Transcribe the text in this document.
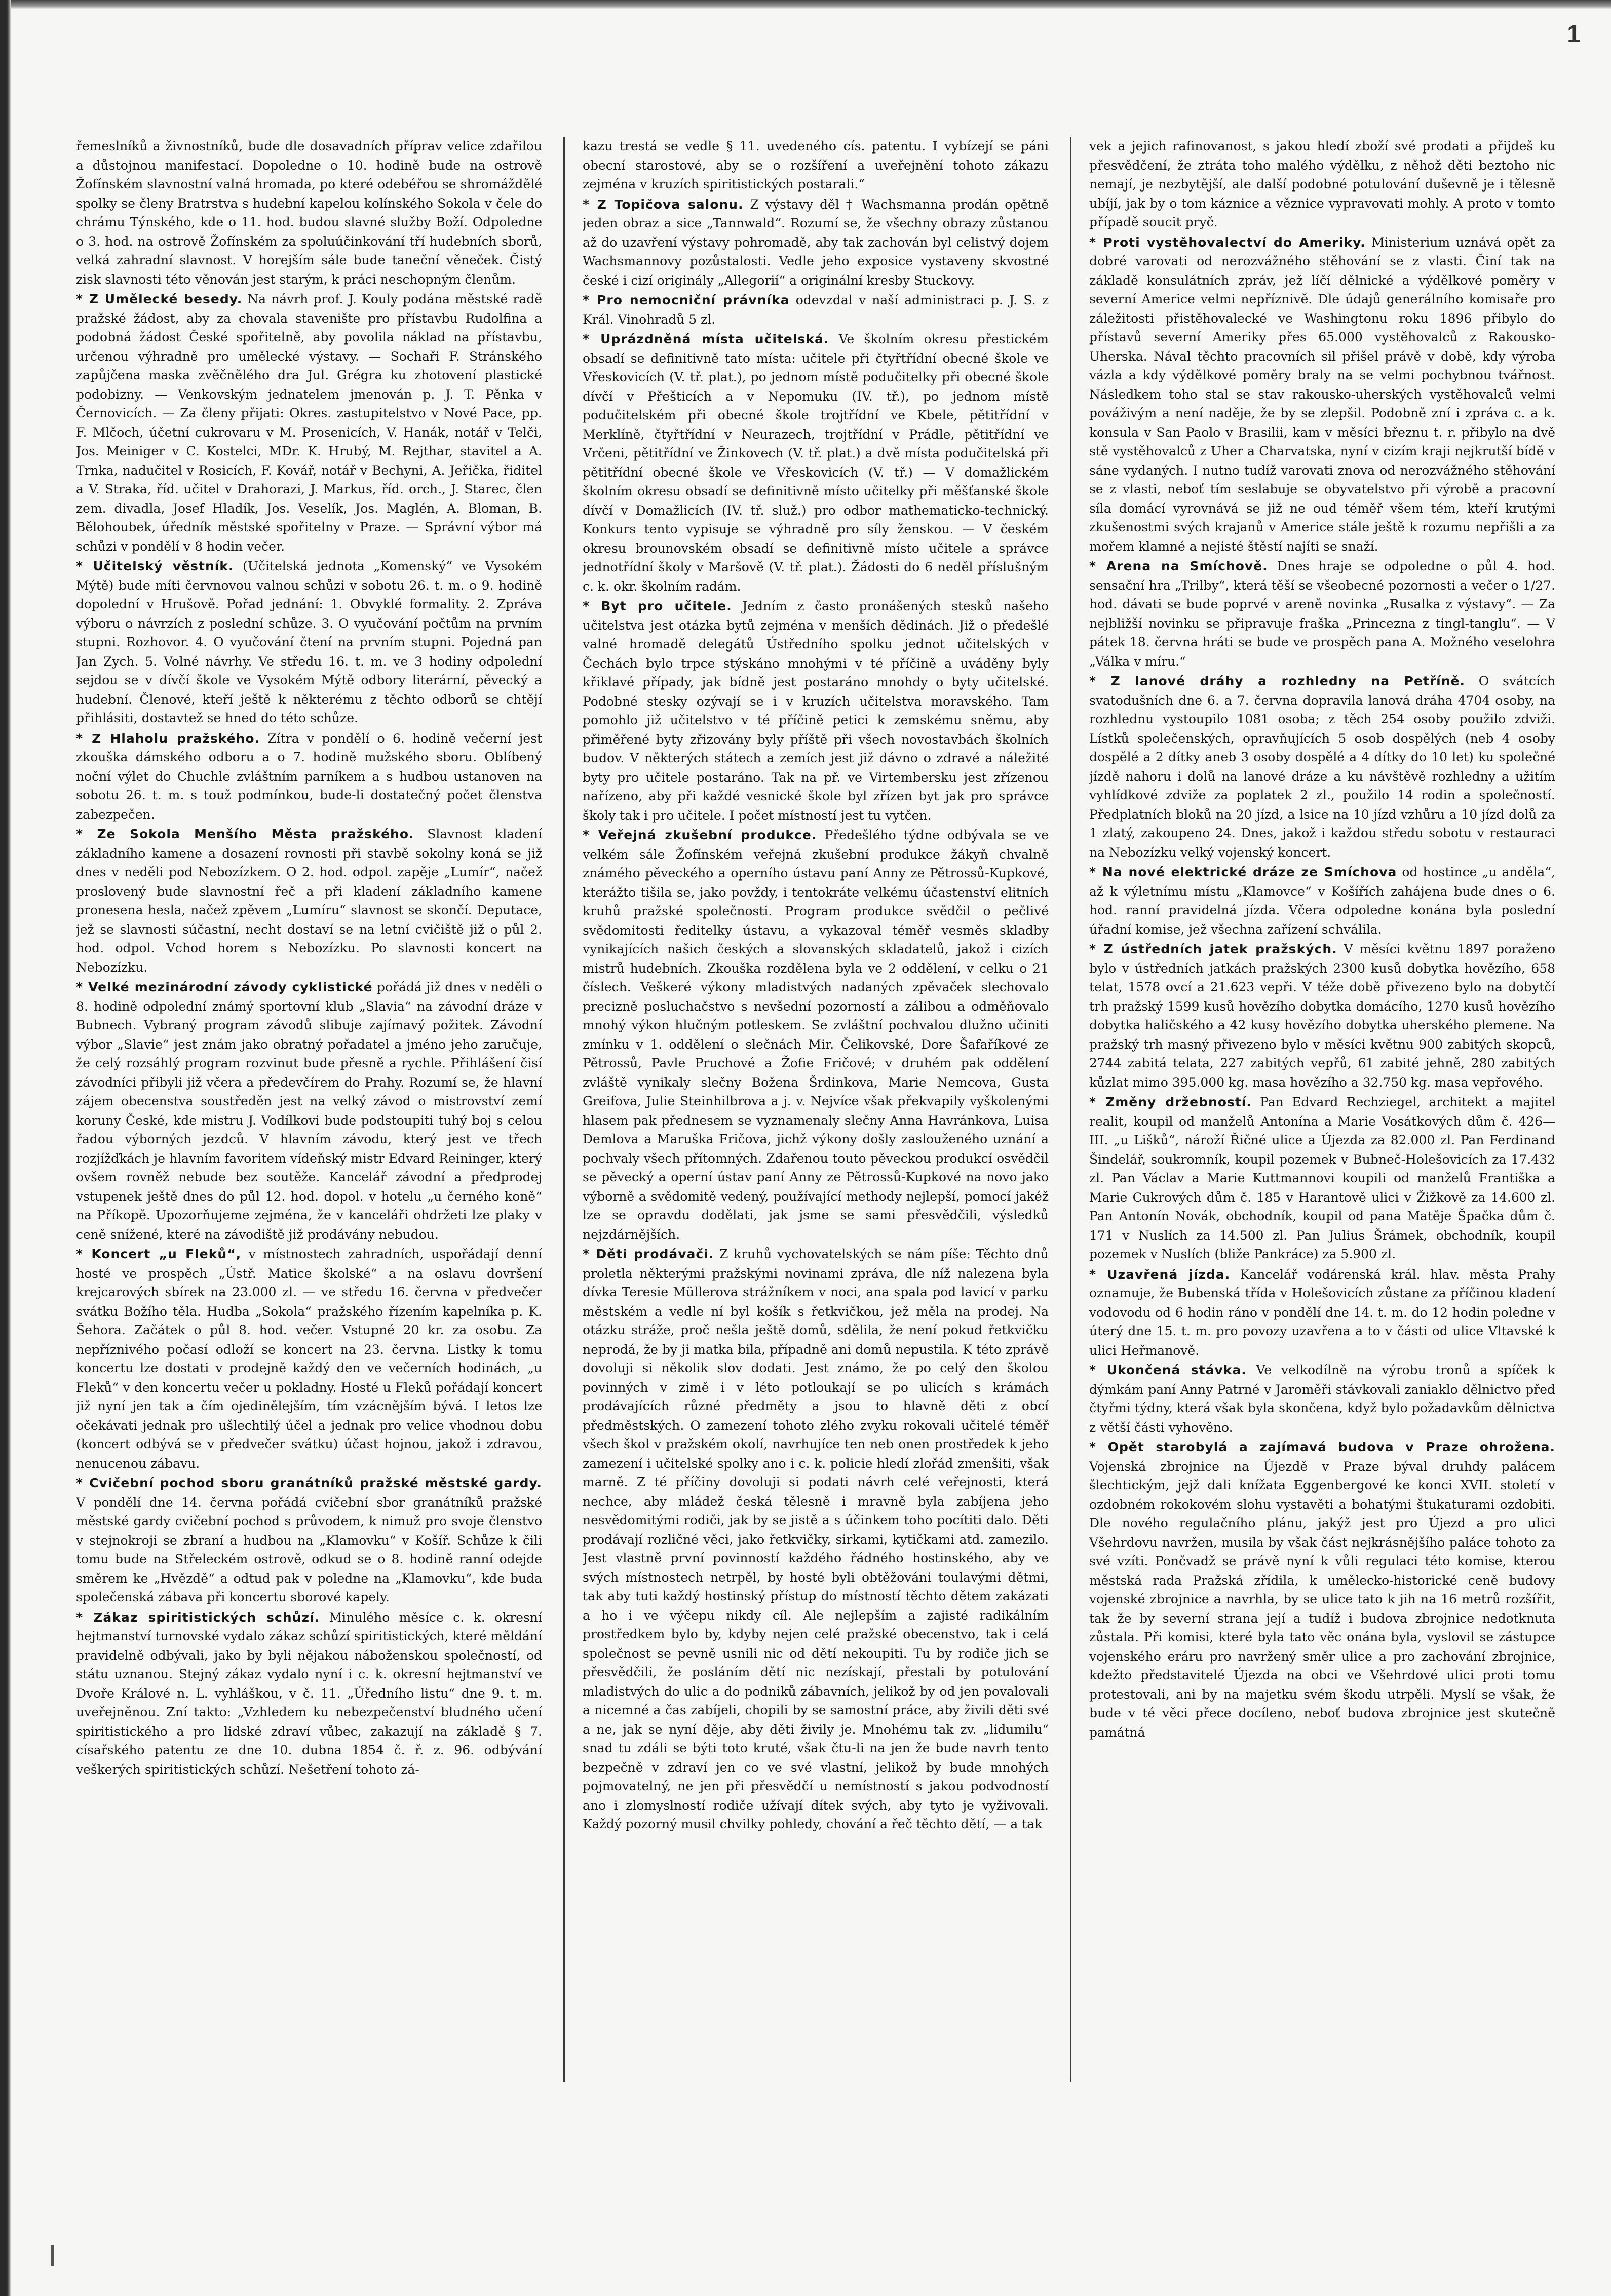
1

řemeslníků a živnostníků, bude dle dosavadních příprav velice zdařilou a důstojnou manifestací. Dopoledne o 10. hodině bude na ostrově Žofínském slavnostní valná hromada, po které odebéřou se shromáždělé spolky se členy Bratrstva s hudební kapelou kolínského Sokola v čele do chrámu Týnského, kde o 11. hod. budou slavné služby Boží. Odpoledne o 3. hod. na ostrově Žofínském za spoluúčinkování tří hudebních sborů, velká zahradní slavnost. V horejším sále bude taneční věneček. Čistý zisk slavnosti této věnován jest starým, k práci neschopným členům.

* Z Umělecké besedy. Na návrh prof. J. Kouly podána městské radě pražské žádost, aby za chovala stavenište pro přístavbu Rudolfina a podobná žádost České spořitelně, aby povolila náklad na přístavbu, určenou výhradně pro umělecké výstavy. — Sochaři F. Stránského zapůjčena maska zvěčnělého dra Jul. Grégra ku zhotovení plastické podobizny. — Venkovským jednatelem jmenován p. J. T. Pěnka v Černovicích. — Za členy přijati: Okres. zastupitelstvo v Nové Pace, pp. F. Mlčoch, účetní cukrovaru v M. Prosenicích, V. Hanák, notář v Telči, Jos. Meiniger v C. Kostelci, MDr. K. Hrubý, M. Rejthar, stavitel a A. Trnka, nadučitel v Rosicích, F. Kovář, notář v Bechyni, A. Jeřička, řiditel a V. Straka, říd. učitel v Drahorazi, J. Markus, říd. orch., J. Starec, člen zem. divadla, Josef Hladík, Jos. Veselík, Jos. Maglén, A. Bloman, B. Bělohoubek, úředník městské spořitelny v Praze. — Správní výbor má schůzi v pondělí v 8 hodin večer.

* Učitelský věstník. (Učitelská jednota „Komenský“ ve Vysokém Mýtě) bude míti červnovou valnou schůzi v sobotu 26. t. m. o 9. hodině dopolední v Hrušově. Pořad jednání: 1. Obvyklé formality. 2. Zpráva výboru o návrzích z poslední schůze. 3. O vyučování počtům na prvním stupni. Rozhovor. 4. O vyučování čtení na prvním stupni. Pojedná pan Jan Zych. 5. Volné návrhy. Ve středu 16. t. m. ve 3 hodiny odpolední sejdou se v dívčí škole ve Vysokém Mýtě odbory literární, pěvecký a hudební. Členové, kteří ještě k některému z těchto odborů se chtějí přihlásiti, dostavtež se hned do této schůze.

* Z Hlaholu pražského. Zítra v pondělí o 6. hodině večerní jest zkouška dámského odboru a o 7. hodině mužského sboru. Oblíbený noční výlet do Chuchle zvláštním parníkem a s hudbou ustanoven na sobotu 26. t. m. s touž podmínkou, bude-li dostatečný počet členstva zabezpečen.

* Ze Sokola Menšího Města pražského. Slavnost kladení základního kamene a dosazení rovnosti při stavbě sokolny koná se již dnes v neděli pod Nebozízkem. O 2. hod. odpol. zapěje „Lumír“, načež proslovený bude slavnostní řeč a při kladení základního kamene pronesena hesla, načež zpěvem „Lumíru“ slavnost se skončí. Deputace, jež se slavnosti súčastní, necht dostaví se na letní cvičiště již o půl 2. hod. odpol. Vchod horem s Nebozízku. Po slavnosti koncert na Nebozízku.

* Velké mezinárodní závody cyklistické pořádá již dnes v neděli o 8. hodině odpolední známý sportovní klub „Slavia“ na závodní dráze v Bubnech. Vybraný program závodů slibuje zajímavý požitek. Závodní výbor „Slavie“ jest znám jako obratný pořadatel a jméno jeho zaručuje, že celý rozsáhlý program rozvinut bude přesně a rychle. Přihlášení čisí závodníci přibyli již včera a předevčírem do Prahy. Rozumí se, že hlavní zájem obecenstva soustředěn jest na velký závod o mistrovství zemí koruny České, kde mistru J. Vodílkovi bude podstoupiti tuhý boj s celou řadou výborných jezdců. V hlavním závodu, který jest ve třech rozjížďkách je hlavním favoritem vídeňský mistr Edvard Reininger, který ovšem rovněž nebude bez soutěže. Kancelář závodní a předprodej vstupenek ještě dnes do půl 12. hod. dopol. v hotelu „u černého koně“ na Příkopě. Upozorňujeme zejména, že v kanceláři ohdržeti lze plaky v ceně snížené, které na závodiště již prodávány nebudou.

* Koncert „u Fleků“, v místnostech zahradních, uspořádají denní hosté ve prospěch „Ústř. Matice školské“ a na oslavu dovršení krejcarových sbírek na 23.000 zl. — ve středu 16. června v předvečer svátku Božího těla. Hudba „Sokola“ pražského řízením kapelníka p. K. Šehora. Začátek o půl 8. hod. večer. Vstupné 20 kr. za osobu. Za nepříznivého počasí odloží se koncert na 23. června. Listky k tomu koncertu lze dostati v prodejně každý den ve večerních hodinách, „u Fleků“ v den koncertu večer u pokladny. Hosté u Fleků pořádají koncert již nyní jen tak a čím ojedinělejším, tím vzácnějším bývá. I letos lze očekávati jednak pro ušlechtilý účel a jednak pro velice vhodnou dobu (koncert odbývá se v předvečer svátku) účast hojnou, jakož i zdravou, nenucenou zábavu.

* Cvičební pochod sboru granátníků pražské městské gardy. V pondělí dne 14. června pořádá cvičební sbor granátníků pražské městské gardy cvičební pochod s průvodem, k nimuž pro svoje členstvo v stejnokroji se zbraní a hudbou na „Klamovku“ v Košíř. Schůze k čili tomu bude na Střeleckém ostrově, odkud se o 8. hodině ranní odejde směrem ke „Hvězdě“ a odtud pak v poledne na „Klamovku“, kde buda společenská zábava při koncertu sborové kapely.

* Zákaz spiritistických schůzí. Minulého měsíce c. k. okresní hejtmanství turnovské vydalo zákaz schůzí spiritistických, které měldání pravidelně odbývali, jako by byli nějakou náboženskou společností, od státu uznanou. Stejný zákaz vydalo nyní i c. k. okresní hejtmanství ve Dvoře Králové n. L. vyhláškou, v č. 11. „Úředního listu“ dne 9. t. m. uveřejněnou. Zní takto: „Vzhledem ku nebezpečenství bludného učení spiritistického a pro lidské zdraví vůbec, zakazují na základě § 7. císařského patentu ze dne 10. dubna 1854 č. ř. z. 96. odbývání veškerých spiritistických schůzí. Nešetření tohoto zá-

kazu trestá se vedle § 11. uvedeného cís. patentu. I vybízejí se páni obecní starostové, aby se o rozšíření a uveřejnění tohoto zákazu zejména v kruzích spiritistických postarali.“

* Z Topičova salonu. Z výstavy děl † Wachsmanna prodán opětně jeden obraz a sice „Tannwald“. Rozumí se, že všechny obrazy zůstanou až do uzavření výstavy pohromadě, aby tak zachován byl celistvý dojem Wachsmannovy pozůstalosti. Vedle jeho exposice vystaveny skvostné české i cizí originály „Allegorií“ a originální kresby Stuckovy.

* Pro nemocniční právníka odevzdal v naší administraci p. J. S. z Král. Vinohradů 5 zl.

* Uprázdněná místa učitelská. Ve školním okresu přestickém obsadí se definitivně tato místa: učitele při čtyřtřídní obecné škole ve Vřeskovicích (V. tř. plat.), po jednom místě podučitelky při obecné škole dívčí v Přešticích a v Nepomuku (IV. tř.), po jednom místě podučitelském při obecné škole trojtřídní ve Kbele, pětitřídní v Merklíně, čtyřtřídní v Neurazech, trojtřídní v Prádle, pětitřídní ve Vrčeni, pětitřídní ve Žinkovech (V. tř. plat.) a dvě místa podučitelská při pětitřídní obecné škole ve Vřeskovicích (V. tř.) — V domažlickém školním okresu obsadí se definitivně místo učitelky při měšťanské škole dívčí v Domažlicích (IV. tř. služ.) pro odbor mathematicko-technický. Konkurs tento vypisuje se výhradně pro síly ženskou. — V českém okresu brounovském obsadí se definitivně místo učitele a správce jednotřídní školy v Maršově (V. tř. plat.). Žádosti do 6 neděl příslušným c. k. okr. školním radám.

* Byt pro učitele. Jedním z často pronášených stesků našeho učitelstva jest otázka bytů zejména v menších dědinách. Již o předešlé valné hromadě delegátů Ústředního spolku jednot učitelských v Čechách bylo trpce stýskáno mnohými v té příčině a uváděny byly křiklavé případy, jak bídně jest postaráno mnohdy o byty učitelské. Podobné stesky ozývají se i v kruzích učitelstva moravského. Tam pomohlo již učitelstvo v té příčině petici k zemskému sněmu, aby přiměřené byty zřizovány byly příště při všech novostavbách školních budov. V některých státech a zemích jest již dávno o zdravé a náležité byty pro učitele postaráno. Tak na př. ve Virtembersku jest zřízenou nařízeno, aby při každé vesnické škole byl zřízen byt jak pro správce školy tak i pro učitele. I počet místností jest tu vytčen.

* Veřejná zkušební produkce. Předešlého týdne odbývala se ve velkém sále Žofínském veřejná zkušební produkce žákyň chvalně známého pěveckého a operního ústavu paní Anny ze Pětrossů-Kupkové, kterážto tišila se, jako povždy, i tentokráte velkému účastenství elitních kruhů pražské společnosti. Program produkce svědčil o pečlivé svědomitosti ředitelky ústavu, a vykazoval téměř vesměs skladby vynikajících našich českých a slovanských skladatelů, jakož i cizích mistrů hudebních. Zkouška rozdělena byla ve 2 oddělení, v celku o 21 číslech. Veškeré výkony mladistvých nadaných zpěvaček slechovalo precizně posluchačstvo s nevšední pozorností a zálibou a odměňovalo mnohý výkon hlučným potleskem. Se zvláštní pochvalou dlužno učiniti zmínku v 1. oddělení o slečnách Mir. Čelikovské, Dore Šafaříkové ze Pětrossů, Pavle Pruchové a Žofie Fričové; v druhém pak oddělení zvláště vynikaly slečny Božena Šrdinkova, Marie Nemcova, Gusta Greifova, Julie Steinhilbrova a j. v. Nejvíce však překvapily vyškolenými hlasem pak přednesem se vyznamenaly slečny Anna Havránkova, Luisa Demlova a Maruška Fričova, jichž výkony došly zaslouženého uznání a pochvaly všech přítomných. Zdařenou touto pěveckou produkcí osvědčil se pěvecký a operní ústav paní Anny ze Pětrossů-Kupkové na novo jako výborně a svědomitě vedený, používající methody nejlepší, pomocí jakéž lze se opravdu dodělati, jak jsme se sami přesvědčili, výsledků nejzdárnějších.

* Děti prodávači. Z kruhů vychovatelských se nám píše: Těchto dnů proletla některými pražskými novinami zpráva, dle níž nalezena byla dívka Teresie Müllerova strážníkem v noci, ana spala pod lavicí v parku městském a vedle ní byl košík s řetkvičkou, jež měla na prodej. Na otázku stráže, proč nešla ještě domů, sdělila, že není pokud řetkvičku neprodá, že by ji matka bila, případně ani domů nepustila. K této zprávě dovoluji si několik slov dodati. Jest známo, že po celý den školou povinných v zimě i v léto potloukají se po ulicích s krámách prodávajících různé předměty a jsou to hlavně děti z obcí předměstských. O zamezení tohoto zlého zvyku rokovali učitelé téměř všech škol v pražském okolí, navrhujíce ten neb onen prostředek k jeho zamezení i učitelské spolky ano i c. k. policie hledí zlořád zmenšiti, však marně. Z té příčiny dovoluji si podati návrh celé veřejnosti, která nechce, aby mládež česká tělesně i mravně byla zabíjena jeho nesvědomitými rodiči, jak by se jistě a s účinkem toho pocítiti dalo. Děti prodávají rozličné věci, jako řetkvičky, sirkami, kytičkami atd. zamezilo. Jest vlastně první povinností každého řádného hostinského, aby ve svých místnostech netrpěl, by hosté byli obtěžováni toulavými dětmi, tak aby tuti každý hostinský přístup do místností těchto dětem zakázati a ho i ve výčepu nikdy cíl. Ale nejlepším a zajisté radikálním prostředkem bylo by, kdyby nejen celé pražské obecenstvo, tak i celá společnost se pevně usnili nic od dětí nekoupiti. Tu by rodiče jich se přesvědčili, že posláním dětí nic nezískají, přestali by potulování mladistvých do ulic a do podniků zábavních, jelikož by od jen povalovali a nicemné a čas zabíjeli, chopili by se samostní práce, aby živili děti své a ne, jak se nyní děje, aby děti živily je. Mnohému tak zv. „lidumilu“ snad tu zdáli se býti toto kruté, však čtu-li na jen že bude navrh tento bezpečně v zdraví jen co ve své vlastní, jelikož by bude mnohých pojmovatelný, ne jen při přesvědčí u nemístností s jakou podvodností ano i zlomyslností rodiče užívají dítek svých, aby tyto je vyživovali. Každý pozorný musil chvilky pohledy, chování a řeč těchto dětí, — a tak

vek a jejich rafinovanost, s jakou hledí zboží své prodati a přijdeš ku přesvědčení, že ztráta toho malého výdělku, z něhož děti beztoho nic nemají, je nezbytější, ale další podobné potulování duševně je i tělesně ubíjí, jak by o tom káznice a věznice vypravovati mohly. A proto v tomto případě soucit pryč.

* Proti vystěhovalectví do Ameriky. Ministerium uznává opět za dobré varovati od nerozvážného stěhování se z vlasti. Činí tak na základě konsulátních zpráv, jež líčí dělnické a výdělkové poměry v severní Americe velmi nepříznivě. Dle údajů generálního komisaře pro záležitosti přistěhovalecké ve Washingtonu roku 1896 přibylo do přístavů severní Ameriky přes 65.000 vystěhovalců z Rakousko-Uherska. Nával těchto pracovních sil přišel právě v době, kdy výroba vázla a kdy výdělkové poměry braly na se velmi pochybnou tvářnost. Následkem toho stal se stav rakousko-uherských vystěhovalců velmi pováživým a není naděje, že by se zlepšil. Podobně zní i zpráva c. a k. konsula v San Paolo v Brasilii, kam v měsíci březnu t. r. přibylo na dvě stě vystěhovalců z Uher a Charvatska, nyní v cizím kraji nejkrutší bídě v sáne vydaných. I nutno tudíž varovati znova od nerozvážného stěhování se z vlasti, neboť tím seslabuje se obyvatelstvo při výrobě a pracovní síla domácí vyrovnává se již ne oud téměř všem tém, kteří krutými zkušenostmi svých krajanů v Americe stále ještě k rozumu nepřišli a za mořem klamné a nejisté štěstí najíti se snaží.

* Arena na Smíchově. Dnes hraje se odpoledne o půl 4. hod. sensační hra „Trilby“, která těší se všeobecné pozornosti a večer o 1/27. hod. dávati se bude poprvé v areně novinka „Rusalka z výstavy“. — Za nejbližší novinku se připravuje fraška „Princezna z tingl-tanglu“. — V pátek 18. června hráti se bude ve prospěch pana A. Možného veselohra „Válka v míru.“

* Z lanové dráhy a rozhledny na Petříně. O svátcích svatodušních dne 6. a 7. června dopravila lanová dráha 4704 osoby, na rozhlednu vystoupilo 1081 osoba; z těch 254 osoby použilo zdviži. Lístků společenských, opravňujících 5 osob dospělých (neb 4 osoby dospělé a 2 dítky aneb 3 osoby dospělé a 4 dítky do 10 let) ku společné jízdě nahoru i dolů na lanové dráze a ku návštěvě rozhledny a užitím vyhlídkové zdviže za poplatek 2 zl., použilo 14 rodin a společností. Předplatních bloků na 20 jízd, a lsice na 10 jízd vzhůru a 10 jízd dolů za 1 zlatý, zakoupeno 24. Dnes, jakož i každou středu sobotu v restauraci na Nebozízku velký vojenský koncert.

* Na nové elektrické dráze ze Smíchova od hostince „u anděla“, až k výletnímu místu „Klamovce“ v Košířích zahájena bude dnes o 6. hod. ranní pravidelná jízda. Včera odpoledne konána byla poslední úřadní komise, jež všechna zařízení schválila.

* Z ústředních jatek pražských. V měsíci květnu 1897 poraženo bylo v ústředních jatkách pražských 2300 kusů dobytka hovězího, 658 telat, 1578 ovcí a 21.623 vepři. V téže době přivezeno bylo na dobytčí trh pražský 1599 kusů hovězího dobytka domácího, 1270 kusů hovězího dobytka haličského a 42 kusy hovězího dobytka uherského plemene. Na pražský trh masný přivezeno bylo v měsíci květnu 900 zabitých skopců, 2744 zabitá telata, 227 zabitých vepřů, 61 zabité jehně, 280 zabitých kůzlat mimo 395.000 kg. masa hovězího a 32.750 kg. masa vepřového.

* Změny držebností. Pan Edvard Rechziegel, architekt a majitel realit, koupil od manželů Antonína a Marie Vosátkových dům č. 426—III. „u Lišků“, nároží Řičné ulice a Újezda za 82.000 zl. Pan Ferdinand Šindelář, soukromník, koupil pozemek v Bubneč-Holešovicích za 17.432 zl. Pan Václav a Marie Kuttmannovi koupili od manželů Františka a Marie Cukrových dům č. 185 v Harantově ulici v Žižkově za 14.600 zl. Pan Antonín Novák, obchodník, koupil od pana Matěje Špačka dům č. 171 v Nuslích za 14.500 zl. Pan Julius Šrámek, obchodník, koupil pozemek v Nuslích (bliže Pankráce) za 5.900 zl.

* Uzavřená jízda. Kancelář vodárenská král. hlav. města Prahy oznamuje, že Bubenská třída v Holešovicích zůstane za příčinou kladení vodovodu od 6 hodin ráno v pondělí dne 14. t. m. do 12 hodin poledne v úterý dne 15. t. m. pro povozy uzavřena a to v části od ulice Vltavské k ulici Heřmanově.

* Ukončená stávka. Ve velkodílně na výrobu tronů a spíček k dýmkám paní Anny Patrné v Jaroměři stávkovali zaniaklo dělnictvo před čtyřmi týdny, která však byla skončena, když bylo požadavkům dělnictva z větší části vyhověno.

* Opět starobylá a zajímavá budova v Praze ohrožena. Vojenská zbrojnice na Újezdě v Praze býval druhdy palácem šlechtickým, jejž dali knížata Eggenbergové ke konci XVII. století v ozdobném rokokovém slohu vystavěti a bohatými štukaturami ozdobiti. Dle nového regulačního plánu, jakýž jest pro Újezd a pro ulici Všehrdovu navržen, musila by však část nejkrásnějšího paláce tohoto za své vzíti. Pončvadž se právě nyní k vůli regulaci této komise, kterou městská rada Pražská zřídila, k umělecko-historické ceně budovy vojenské zbrojnice a navrhla, by se ulice tato k jih na 16 metrů rozšířit, tak že by severní strana její a tudíž i budova zbrojnice nedotknuta zůstala. Při komisi, které byla tato věc onána byla, vyslovil se zástupce vojenského eráru pro navržený směr ulice a pro zachování zbrojnice, kdežto představitelé Újezda na obci ve Všehrdové ulici proti tomu protestovali, ani by na majetku svém škodu utrpěli. Myslí se však, že bude v té věci přece docíleno, neboť budova zbrojnice jest skutečně památná
